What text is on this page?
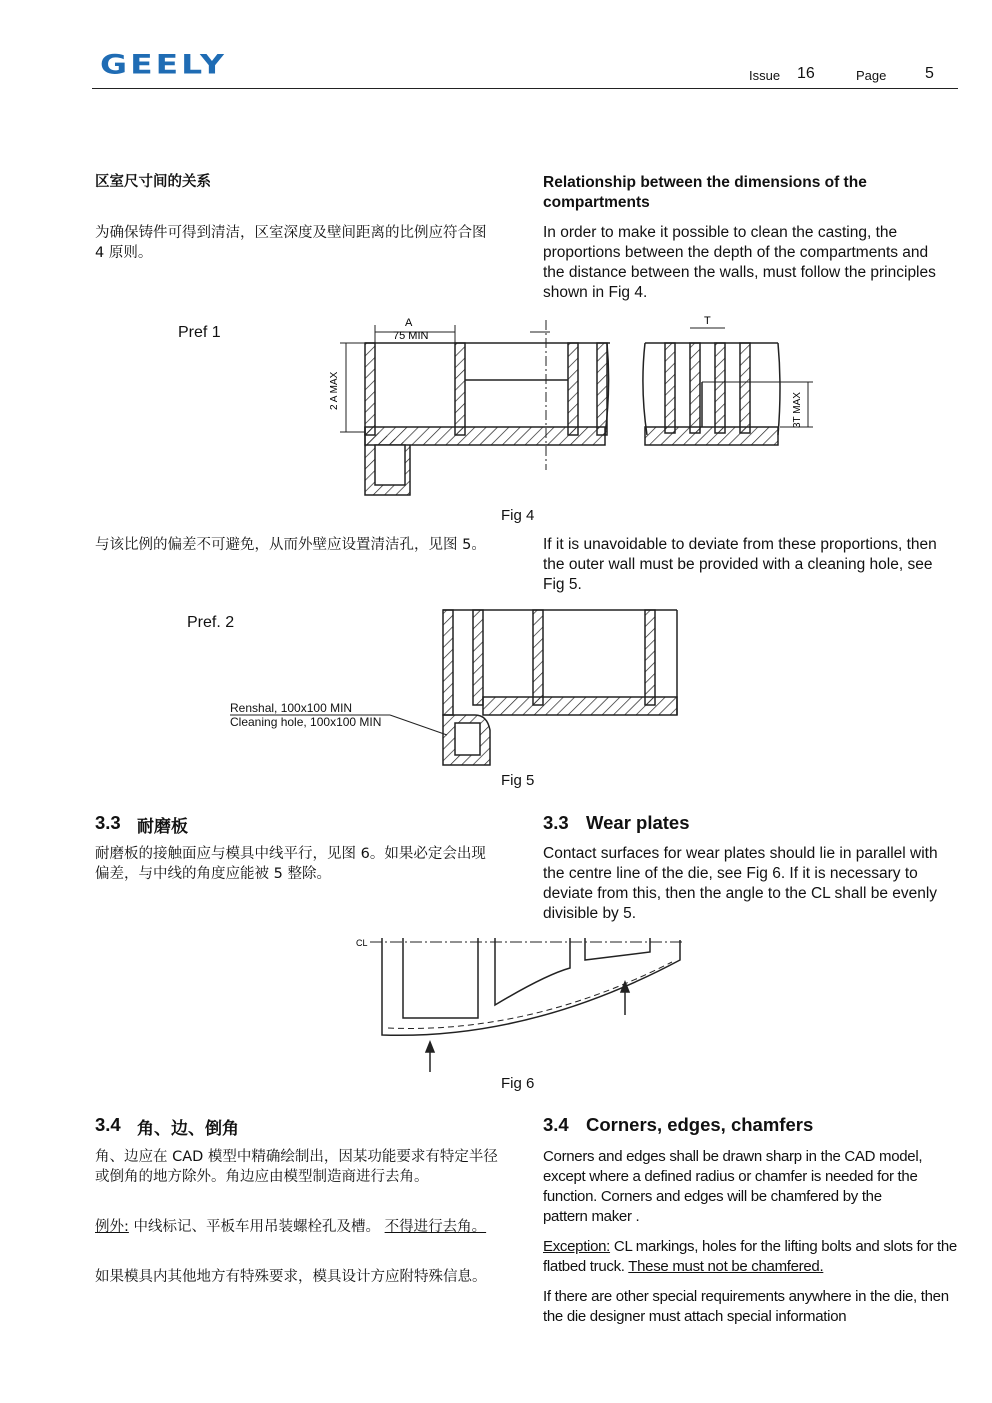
GEELY	Issue 16	Page 5
区室尺寸间的关系
为确保铸件可得到清洁，区室深度及壁间距离的比例应符合图 4 原则。
Relationship between the dimensions of the compartments
In order to make it possible to clean the casting, the proportions between the depth of the compartments and the distance between the walls, must follow the principles shown in Fig 4.
Pref 1
A
75 MIN
2 A MAX
T
3T MAX
Fig 4
与该比例的偏差不可避免，从而外壁应设置清洁孔，见图 5。	If it is unavoidable to deviate from these proportions, then the outer wall must be provided with a cleaning hole, see Fig 5.
Pref. 2
Renshal, 100x100 MIN
Cleaning hole, 100x100 MIN
Fig 5
3.3 耐磨板
耐磨板的接触面应与模具中线平行，见图 6。如果必定会出现偏差，与中线的角度应能被 5 整除。
3.3 Wear plates
Contact surfaces for wear plates should lie in parallel with the centre line of the die, see Fig 6. If it is necessary to deviate from this, then the angle to the CL shall be evenly divisible by 5.
CL
Fig 6
3.4 角、边、倒角
角、边应在 CAD 模型中精确绘制出，因某功能要求有特定半径或倒角的地方除外。角边应由模型制造商进行去角。
例外: 中线标记、平板车用吊装螺栓孔及槽。 不得进行去角。
如果模具内其他地方有特殊要求，模具设计方应附特殊信息。
3.4 Corners, edges, chamfers
Corners and edges shall be drawn sharp in the CAD model, except where a defined radius or chamfer is needed for the function. Corners and edges will be chamfered by the pattern maker .
Exception: CL markings, holes for the lifting bolts and slots for the flatbed truck. These must not be chamfered.
If there are other special requirements anywhere in the die, then the die designer must attach special information
